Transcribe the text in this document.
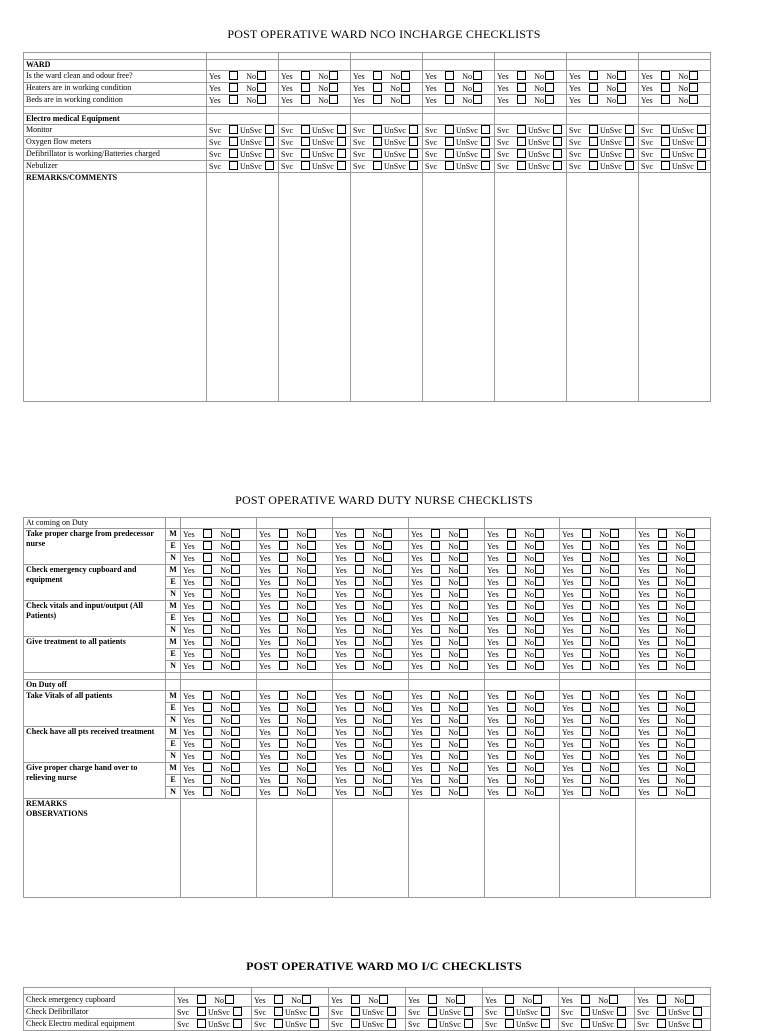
POST OPERATIVE WARD NCO INCHARGE CHECKLISTS

WARD							
Is the ward clean and odour free?	Yes No	Yes No	Yes No	Yes No	Yes No	Yes No	Yes No
Heaters are in working condition	Yes No	Yes No	Yes No	Yes No	Yes No	Yes No	Yes No
Beds are in working condition	Yes No	Yes No	Yes No	Yes No	Yes No	Yes No	Yes No

Electro medical Equipment							
Monitor	Svc UnSvc	Svc UnSvc	Svc UnSvc	Svc UnSvc	Svc UnSvc	Svc UnSvc	Svc UnSvc
Oxygen flow meters	Svc UnSvc	Svc UnSvc	Svc UnSvc	Svc UnSvc	Svc UnSvc	Svc UnSvc	Svc UnSvc
Defibrillator is working/Batteries charged	Svc UnSvc	Svc UnSvc	Svc UnSvc	Svc UnSvc	Svc UnSvc	Svc UnSvc	Svc UnSvc
Nebulizer	Svc UnSvc	Svc UnSvc	Svc UnSvc	Svc UnSvc	Svc UnSvc	Svc UnSvc	Svc UnSvc
REMARKS/COMMENTS							
POST OPERATIVE WARD DUTY NURSE CHECKLISTS
At coming on Duty								
Take proper charge from predecessor nurse	M	Yes No	Yes No	Yes No	Yes No	Yes No	Yes No	Yes No
	E	Yes No	Yes No	Yes No	Yes No	Yes No	Yes No	Yes No
	N	Yes No	Yes No	Yes No	Yes No	Yes No	Yes No	Yes No
Check emergency cupboard and equipment	M	Yes No	Yes No	Yes No	Yes No	Yes No	Yes No	Yes No
	E	Yes No	Yes No	Yes No	Yes No	Yes No	Yes No	Yes No
	N	Yes No	Yes No	Yes No	Yes No	Yes No	Yes No	Yes No
Check vitals and input/output (All Patients)	M	Yes No	Yes No	Yes No	Yes No	Yes No	Yes No	Yes No
	E	Yes No	Yes No	Yes No	Yes No	Yes No	Yes No	Yes No
	N	Yes No	Yes No	Yes No	Yes No	Yes No	Yes No	Yes No
Give treatment to all patients	M	Yes No	Yes No	Yes No	Yes No	Yes No	Yes No	Yes No
	E	Yes No	Yes No	Yes No	Yes No	Yes No	Yes No	Yes No
	N	Yes No	Yes No	Yes No	Yes No	Yes No	Yes No	Yes No

On Duty off								
Take Vitals of all patients	M	Yes No	Yes No	Yes No	Yes No	Yes No	Yes No	Yes No
	E	Yes No	Yes No	Yes No	Yes No	Yes No	Yes No	Yes No
	N	Yes No	Yes No	Yes No	Yes No	Yes No	Yes No	Yes No
Check have all pts received treatment	M	Yes No	Yes No	Yes No	Yes No	Yes No	Yes No	Yes No
	E	Yes No	Yes No	Yes No	Yes No	Yes No	Yes No	Yes No
	N	Yes No	Yes No	Yes No	Yes No	Yes No	Yes No	Yes No
Give proper charge hand over to relieving nurse	M	Yes No	Yes No	Yes No	Yes No	Yes No	Yes No	Yes No
	E	Yes No	Yes No	Yes No	Yes No	Yes No	Yes No	Yes No
	N	Yes No	Yes No	Yes No	Yes No	Yes No	Yes No	Yes No

REMARKS
OBSERVATIONS								

POST OPERATIVE WARD MO I/C CHECKLISTS

Check emergency cupboard	Yes No	Yes No	Yes No	Yes No	Yes No	Yes No	Yes No
Check Defibrillator	Svc UnSvc	Svc UnSvc	Svc UnSvc	Svc UnSvc	Svc UnSvc	Svc UnSvc	Svc UnSvc
Check Electro medical equipment	Svc UnSvc	Svc UnSvc	Svc UnSvc	Svc UnSvc	Svc UnSvc	Svc UnSvc	Svc UnSvc
